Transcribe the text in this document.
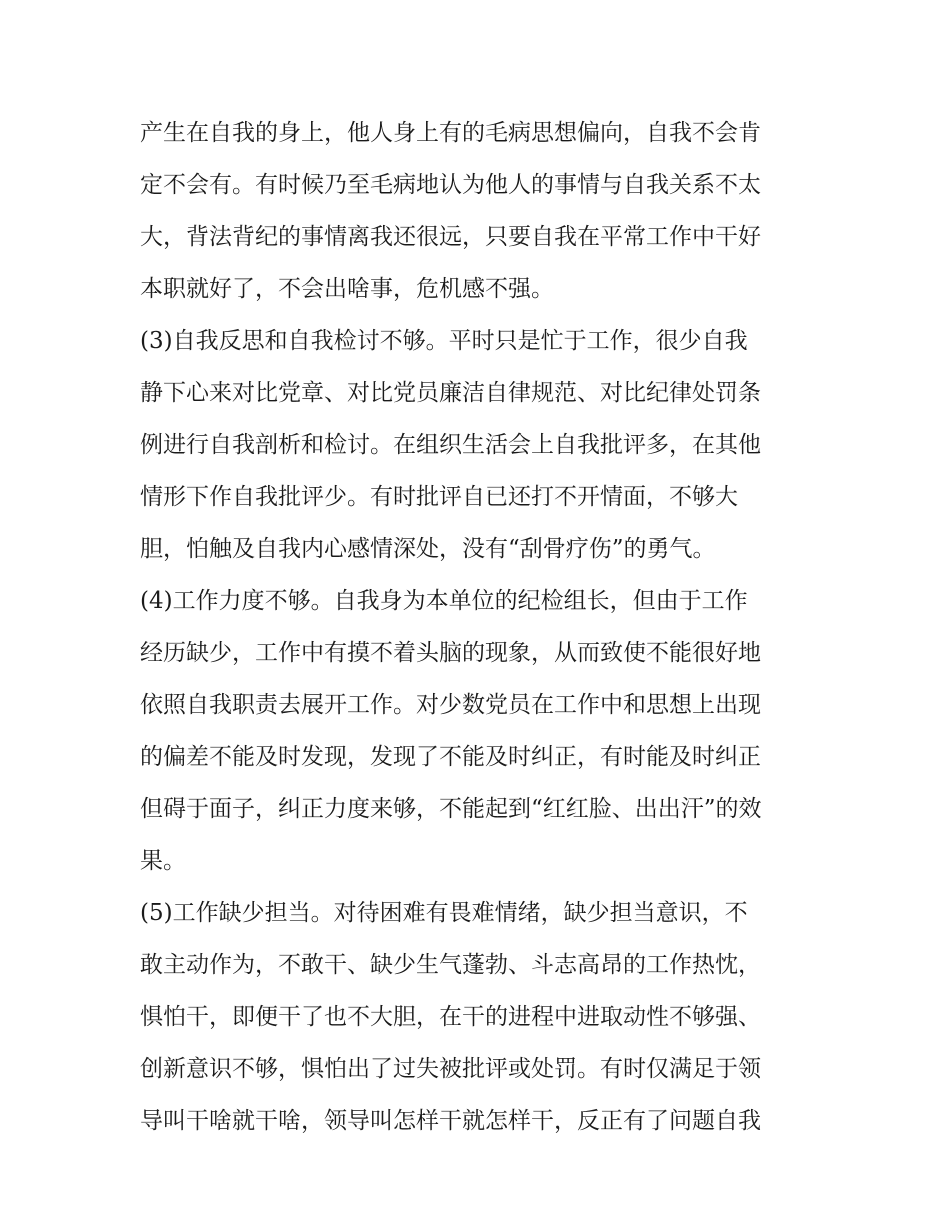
产生在自我的身上，他人身上有的毛病思想偏向，自我不会肯
定不会有。有时候乃至毛病地认为他人的事情与自我关系不太
大，背法背纪的事情离我还很远，只要自我在平常工作中干好
本职就好了，不会出啥事，危机感不强。
(3)自我反思和自我检讨不够。平时只是忙于工作，很少自我
静下心来对比党章、对比党员廉洁自律规范、对比纪律处罚条
例进行自我剖析和检讨。在组织生活会上自我批评多，在其他
情形下作自我批评少。有时批评自已还打不开情面，不够大
胆，怕触及自我内心感情深处，没有“刮骨疗伤”的勇气。
(4)工作力度不够。自我身为本单位的纪检组长，但由于工作
经历缺少，工作中有摸不着头脑的现象，从而致使不能很好地
依照自我职责去展开工作。对少数党员在工作中和思想上出现
的偏差不能及时发现，发现了不能及时纠正，有时能及时纠正
但碍于面子，纠正力度来够，不能起到“红红脸、出出汗”的效
果。
(5)工作缺少担当。对待困难有畏难情绪，缺少担当意识，不
敢主动作为，不敢干、缺少生气蓬勃、斗志高昂的工作热忱，
惧怕干，即便干了也不大胆，在干的进程中进取动性不够强、
创新意识不够，惧怕出了过失被批评或处罚。有时仅满足于领
导叫干啥就干啥，领导叫怎样干就怎样干，反正有了问题自我
